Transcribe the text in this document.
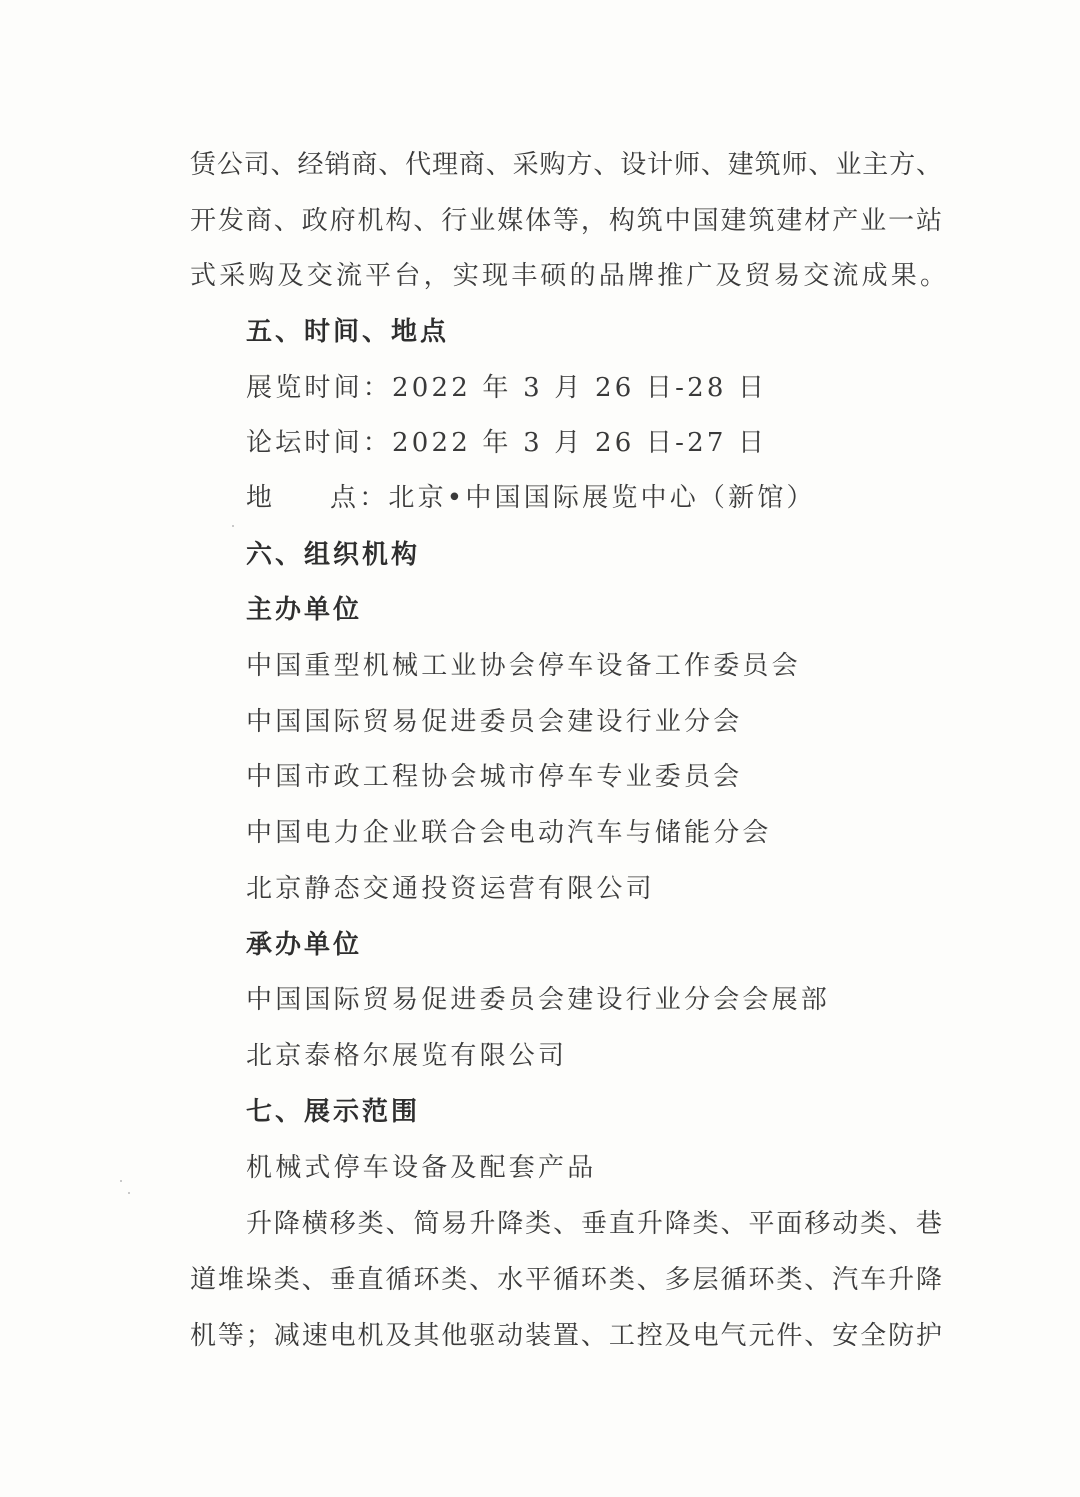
赁公司、经销商、代理商、采购方、设计师、建筑师、业主方、
开发商、政府机构、行业媒体等，构筑中国建筑建材产业一站
式采购及交流平台，实现丰硕的品牌推广及贸易交流成果。
五、时间、地点
展览时间：2022 年 3 月 26 日-28 日
论坛时间：2022 年 3 月 26 日-27 日
地 点：北京•中国国际展览中心（新馆）
六、组织机构
主办单位
中国重型机械工业协会停车设备工作委员会
中国国际贸易促进委员会建设行业分会
中国市政工程协会城市停车专业委员会
中国电力企业联合会电动汽车与储能分会
北京静态交通投资运营有限公司
承办单位
中国国际贸易促进委员会建设行业分会会展部
北京泰格尔展览有限公司
七、展示范围
机械式停车设备及配套产品
升降横移类、简易升降类、垂直升降类、平面移动类、巷
道堆垛类、垂直循环类、水平循环类、多层循环类、汽车升降
机等；减速电机及其他驱动装置、工控及电气元件、安全防护
